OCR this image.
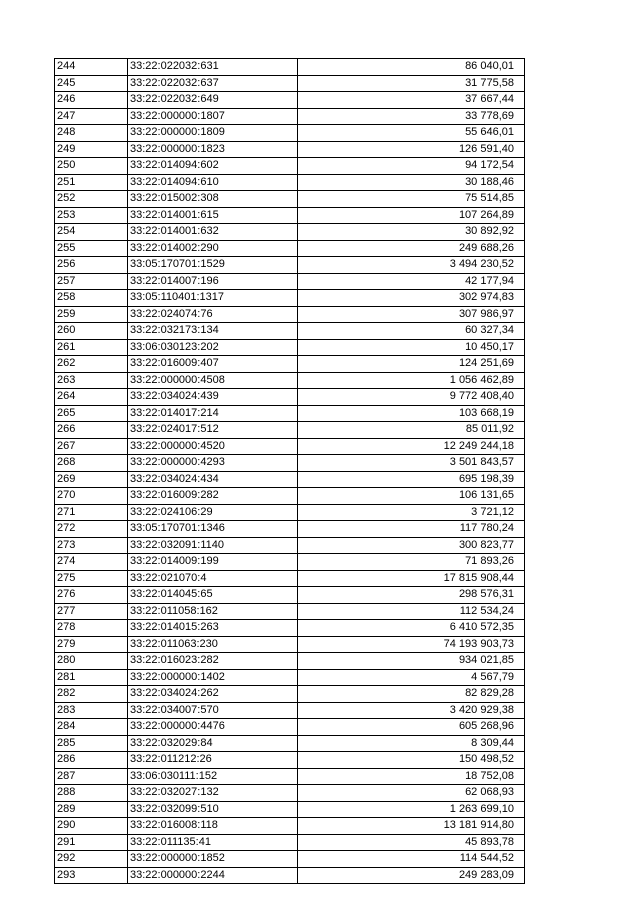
244	33:22:022032:631	86 040,01
245	33:22:022032:637	31 775,58
246	33:22:022032:649	37 667,44
247	33:22:000000:1807	33 778,69
248	33:22:000000:1809	55 646,01
249	33:22:000000:1823	126 591,40
250	33:22:014094:602	94 172,54
251	33:22:014094:610	30 188,46
252	33:22:015002:308	75 514,85
253	33:22:014001:615	107 264,89
254	33:22:014001:632	30 892,92
255	33:22:014002:290	249 688,26
256	33:05:170701:1529	3 494 230,52
257	33:22:014007:196	42 177,94
258	33:05:110401:1317	302 974,83
259	33:22:024074:76	307 986,97
260	33:22:032173:134	60 327,34
261	33:06:030123:202	10 450,17
262	33:22:016009:407	124 251,69
263	33:22:000000:4508	1 056 462,89
264	33:22:034024:439	9 772 408,40
265	33:22:014017:214	103 668,19
266	33:22:024017:512	85 011,92
267	33:22:000000:4520	12 249 244,18
268	33:22:000000:4293	3 501 843,57
269	33:22:034024:434	695 198,39
270	33:22:016009:282	106 131,65
271	33:22:024106:29	3 721,12
272	33:05:170701:1346	117 780,24
273	33:22:032091:1140	300 823,77
274	33:22:014009:199	71 893,26
275	33:22:021070:4	17 815 908,44
276	33:22:014045:65	298 576,31
277	33:22:011058:162	112 534,24
278	33:22:014015:263	6 410 572,35
279	33:22:011063:230	74 193 903,73
280	33:22:016023:282	934 021,85
281	33:22:000000:1402	4 567,79
282	33:22:034024:262	82 829,28
283	33:22:034007:570	3 420 929,38
284	33:22:000000:4476	605 268,96
285	33:22:032029:84	8 309,44
286	33:22:011212:26	150 498,52
287	33:06:030111:152	18 752,08
288	33:22:032027:132	62 068,93
289	33:22:032099:510	1 263 699,10
290	33:22:016008:118	13 181 914,80
291	33:22:011135:41	45 893,78
292	33:22:000000:1852	114 544,52
293	33:22:000000:2244	249 283,09
